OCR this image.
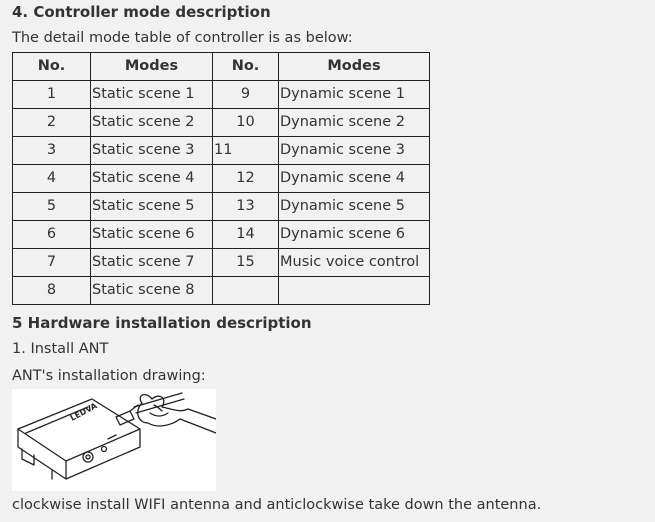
4. Controller mode description
The detail mode table of controller is as below:
No.	Modes	No.	Modes
1	Static scene 1	9	Dynamic scene 1
2	Static scene 2	10	Dynamic scene 2
3	Static scene 3	11	Dynamic scene 3
4	Static scene 4	12	Dynamic scene 4
5	Static scene 5	13	Dynamic scene 5
6	Static scene 6	14	Dynamic scene 6
7	Static scene 7	15	Music voice control
8	Static scene 8		
5 Hardware installation description
1. Install ANT
ANT's installation drawing:
LEDVA
clockwise install WIFI antenna and anticlockwise take down the antenna.
